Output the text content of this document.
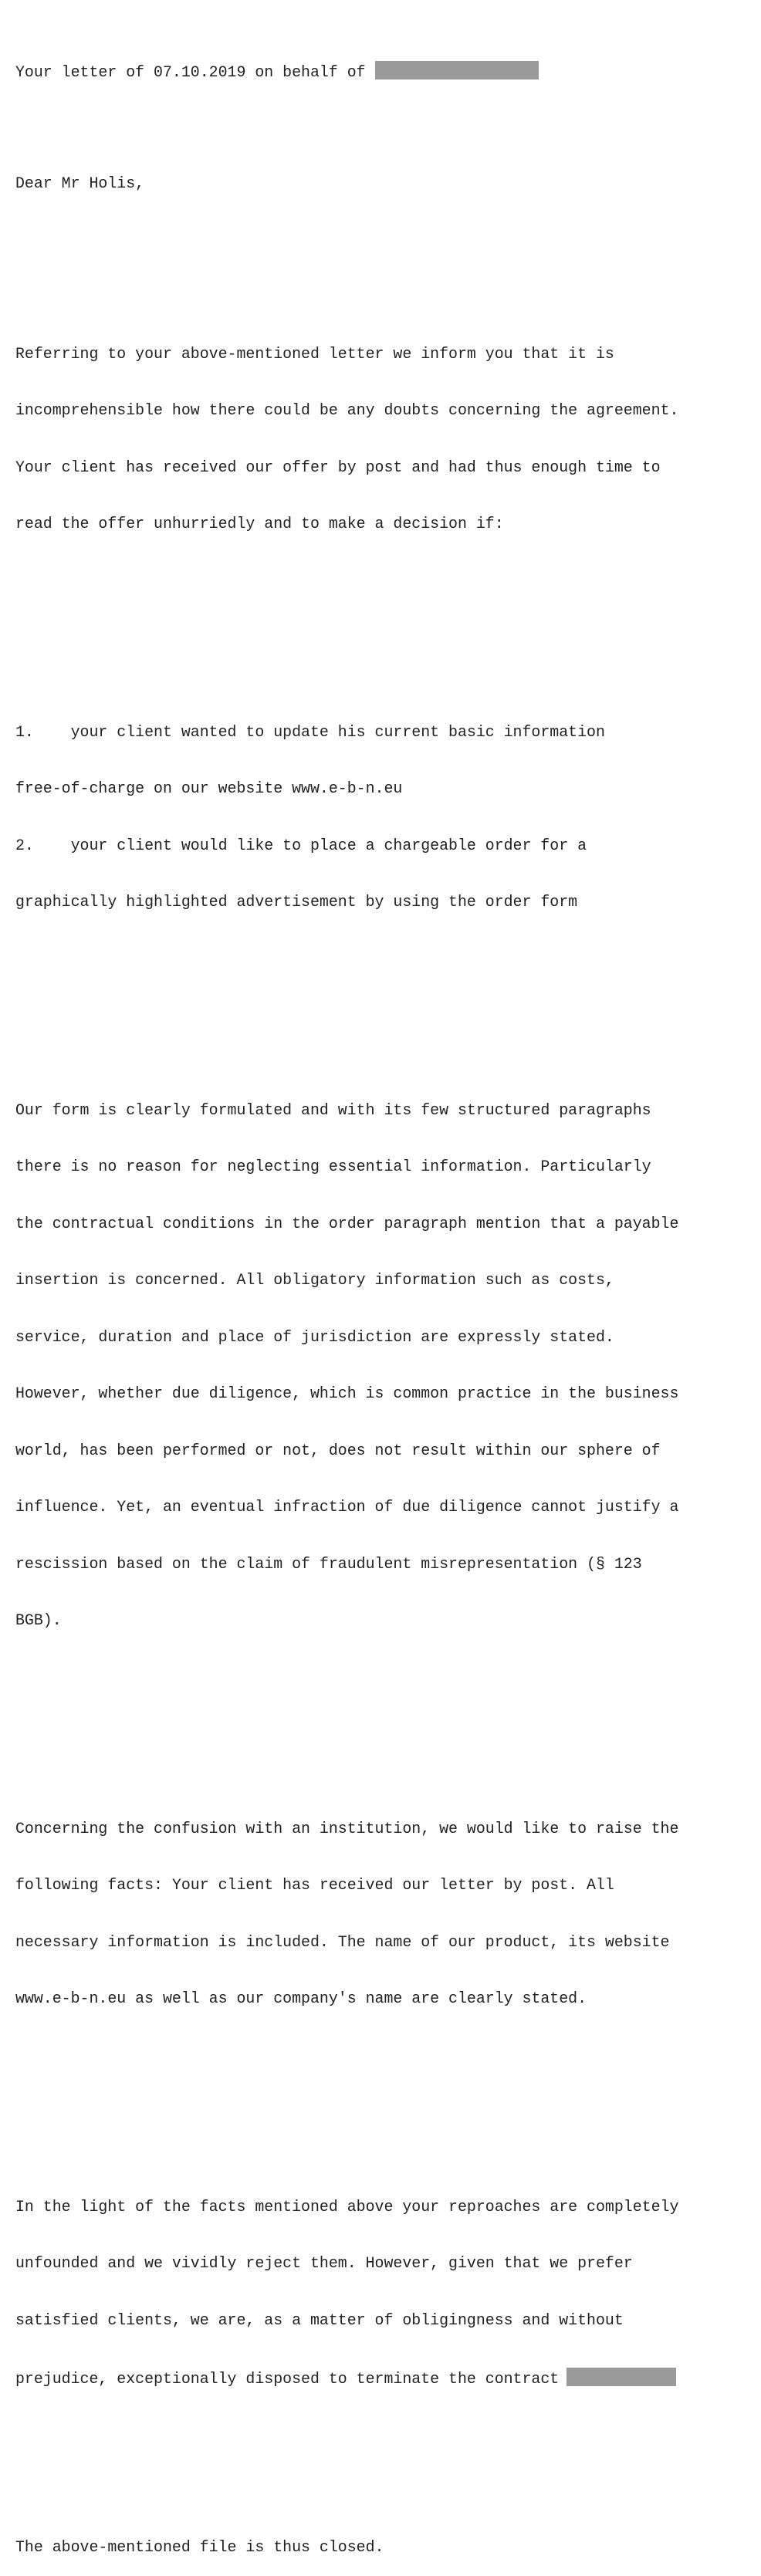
Your letter of 07.10.2019 on behalf of

Dear Mr Holis,

Referring to your above-mentioned letter we inform you that it is

incomprehensible how there could be any doubts concerning the agreement.

Your client has received our offer by post and had thus enough time to

read the offer unhurriedly and to make a decision if:

1.    your client wanted to update his current basic information

free-of-charge on our website www.e-b-n.eu

2.    your client would like to place a chargeable order for a

graphically highlighted advertisement by using the order form

Our form is clearly formulated and with its few structured paragraphs

there is no reason for neglecting essential information. Particularly

the contractual conditions in the order paragraph mention that a payable

insertion is concerned. All obligatory information such as costs,

service, duration and place of jurisdiction are expressly stated.

However, whether due diligence, which is common practice in the business

world, has been performed or not, does not result within our sphere of

influence. Yet, an eventual infraction of due diligence cannot justify a

rescission based on the claim of fraudulent misrepresentation (§ 123

BGB).

Concerning the confusion with an institution, we would like to raise the

following facts: Your client has received our letter by post. All

necessary information is included. The name of our product, its website

www.e-b-n.eu as well as our company's name are clearly stated.

In the light of the facts mentioned above your reproaches are completely

unfounded and we vividly reject them. However, given that we prefer

satisfied clients, we are, as a matter of obligingness and without

prejudice, exceptionally disposed to terminate the contract

The above-mentioned file is thus closed.
